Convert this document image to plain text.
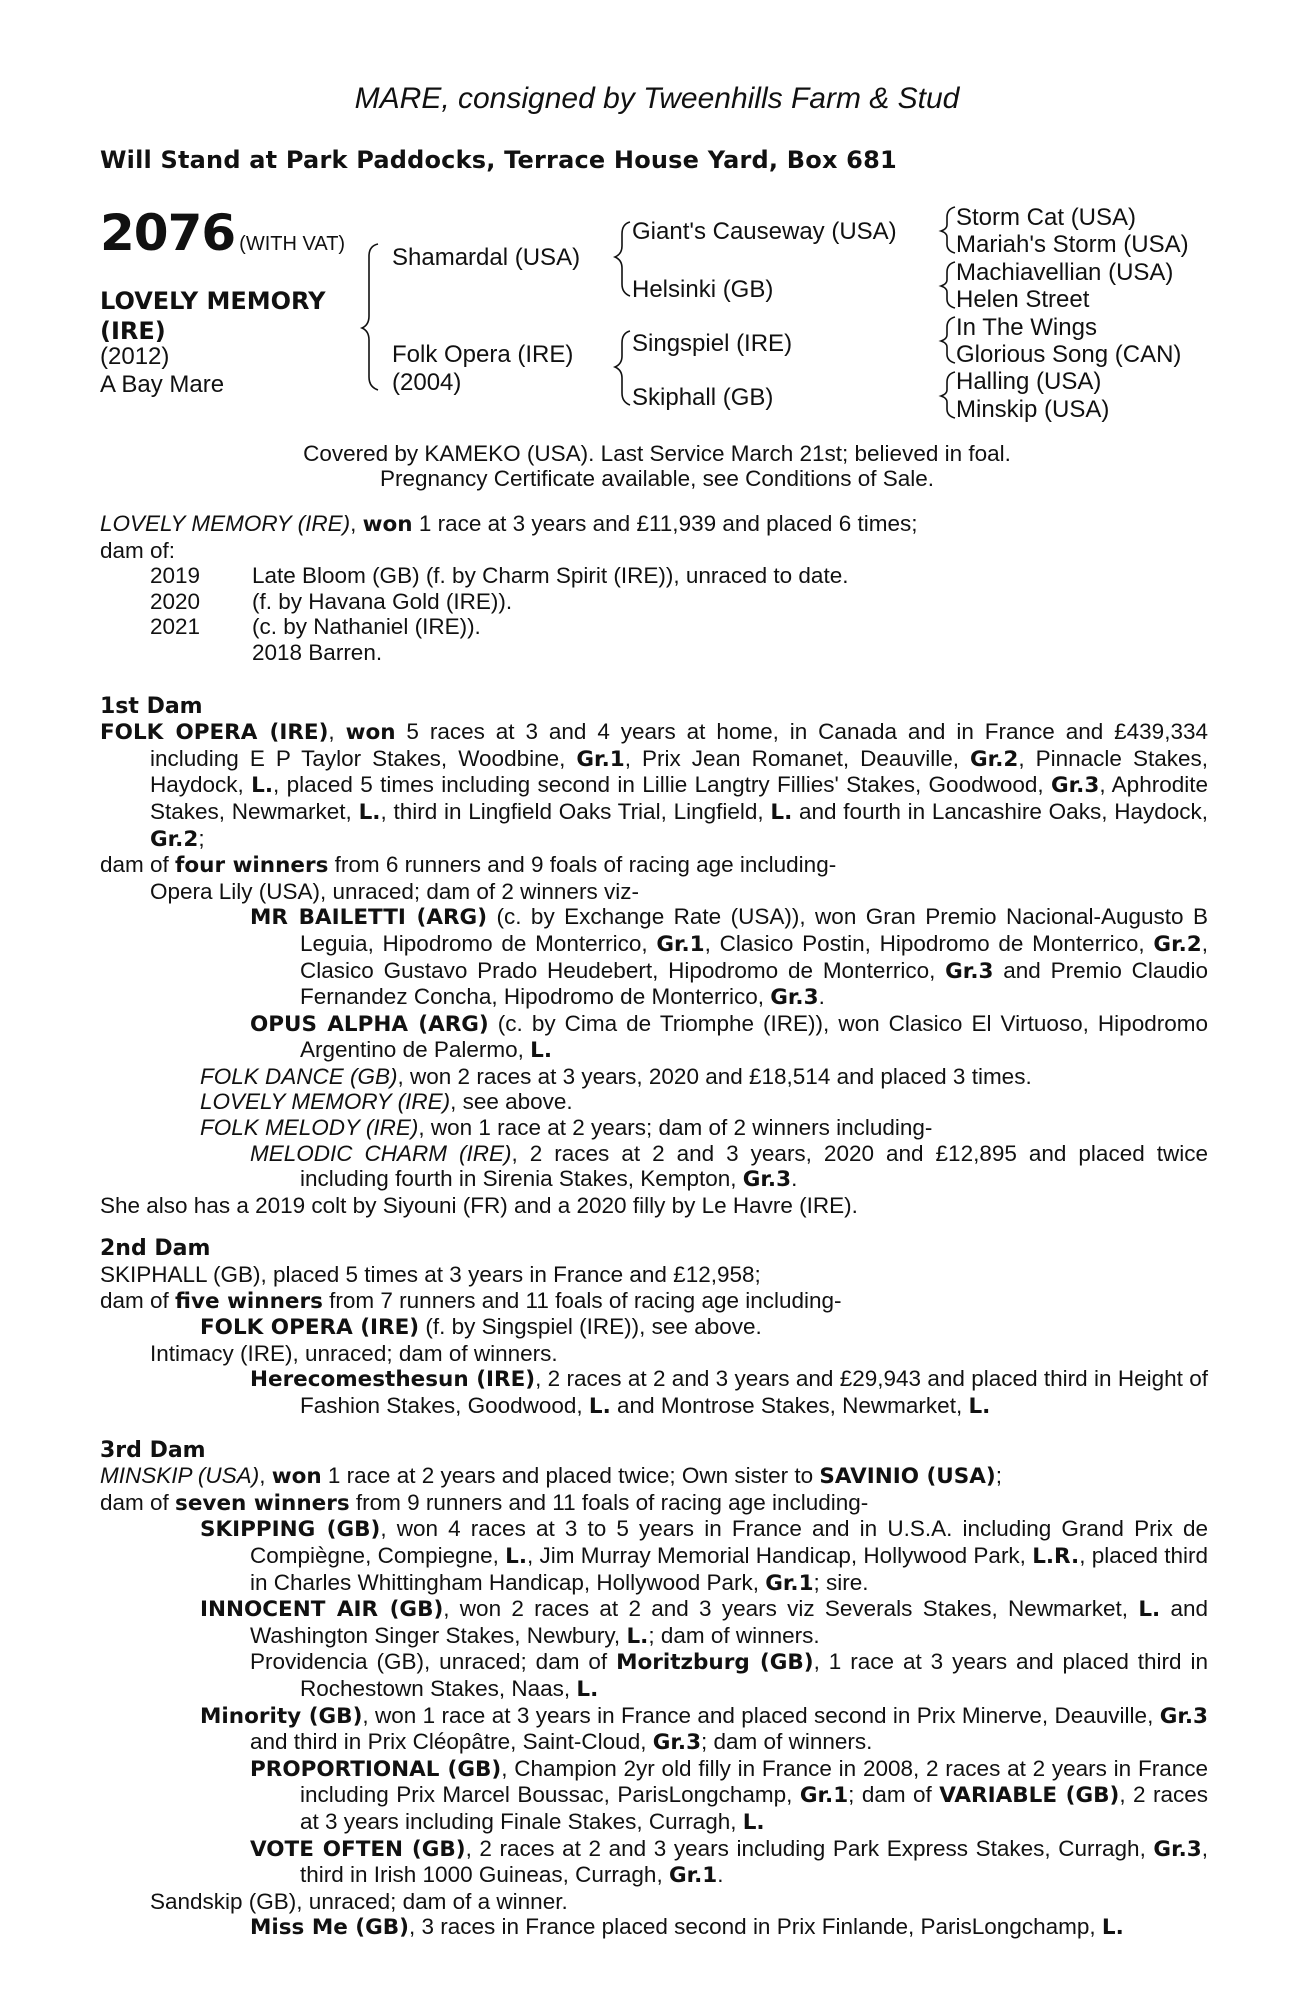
MARE, consigned by Tweenhills Farm & Stud
Will Stand at Park Paddocks, Terrace House Yard, Box 681
2076 (WITH VAT)
LOVELY MEMORY
(IRE)
(2012)
A Bay Mare
Shamardal (USA)
Folk Opera (IRE)
(2004)
Giant's Causeway (USA)
Helsinki (GB)
Singspiel (IRE)
Skiphall (GB)
Storm Cat (USA)
Mariah's Storm (USA)
Machiavellian (USA)
Helen Street
In The Wings
Glorious Song (CAN)
Halling (USA)
Minskip (USA)
Covered by KAMEKO (USA). Last Service March 21st; believed in foal.
Pregnancy Certificate available, see Conditions of Sale.
LOVELY MEMORY (IRE), won 1 race at 3 years and £11,939 and placed 6 times;
dam of:
2019 Late Bloom (GB) (f. by Charm Spirit (IRE)), unraced to date.
2020 (f. by Havana Gold (IRE)).
2021 (c. by Nathaniel (IRE)).
2018 Barren.
1st Dam
FOLK OPERA (IRE), won 5 races at 3 and 4 years at home, in Canada and in France and £439,334 including E P Taylor Stakes, Woodbine, Gr.1, Prix Jean Romanet, Deauville, Gr.2, Pinnacle Stakes, Haydock, L., placed 5 times including second in Lillie Langtry Fillies' Stakes, Goodwood, Gr.3, Aphrodite Stakes, Newmarket, L., third in Lingfield Oaks Trial, Lingfield, L. and fourth in Lancashire Oaks, Haydock, Gr.2;
dam of four winners from 6 runners and 9 foals of racing age including-
Opera Lily (USA), unraced; dam of 2 winners viz-
MR BAILETTI (ARG) (c. by Exchange Rate (USA)), won Gran Premio Nacional-Augusto B Leguia, Hipodromo de Monterrico, Gr.1, Clasico Postin, Hipodromo de Monterrico, Gr.2, Clasico Gustavo Prado Heudebert, Hipodromo de Monterrico, Gr.3 and Premio Claudio Fernandez Concha, Hipodromo de Monterrico, Gr.3.
OPUS ALPHA (ARG) (c. by Cima de Triomphe (IRE)), won Clasico El Virtuoso, Hipodromo Argentino de Palermo, L.
FOLK DANCE (GB), won 2 races at 3 years, 2020 and £18,514 and placed 3 times.
LOVELY MEMORY (IRE), see above.
FOLK MELODY (IRE), won 1 race at 2 years; dam of 2 winners including-
MELODIC CHARM (IRE), 2 races at 2 and 3 years, 2020 and £12,895 and placed twice including fourth in Sirenia Stakes, Kempton, Gr.3.
She also has a 2019 colt by Siyouni (FR) and a 2020 filly by Le Havre (IRE).
2nd Dam
SKIPHALL (GB), placed 5 times at 3 years in France and £12,958;
dam of five winners from 7 runners and 11 foals of racing age including-
FOLK OPERA (IRE) (f. by Singspiel (IRE)), see above.
Intimacy (IRE), unraced; dam of winners.
Herecomesthesun (IRE), 2 races at 2 and 3 years and £29,943 and placed third in Height of Fashion Stakes, Goodwood, L. and Montrose Stakes, Newmarket, L.
3rd Dam
MINSKIP (USA), won 1 race at 2 years and placed twice; Own sister to SAVINIO (USA);
dam of seven winners from 9 runners and 11 foals of racing age including-
SKIPPING (GB), won 4 races at 3 to 5 years in France and in U.S.A. including Grand Prix de Compiègne, Compiegne, L., Jim Murray Memorial Handicap, Hollywood Park, L.R., placed third in Charles Whittingham Handicap, Hollywood Park, Gr.1; sire.
INNOCENT AIR (GB), won 2 races at 2 and 3 years viz Severals Stakes, Newmarket, L. and Washington Singer Stakes, Newbury, L.; dam of winners.
Providencia (GB), unraced; dam of Moritzburg (GB), 1 race at 3 years and placed third in Rochestown Stakes, Naas, L.
Minority (GB), won 1 race at 3 years in France and placed second in Prix Minerve, Deauville, Gr.3 and third in Prix Cléopâtre, Saint-Cloud, Gr.3; dam of winners.
PROPORTIONAL (GB), Champion 2yr old filly in France in 2008, 2 races at 2 years in France including Prix Marcel Boussac, ParisLongchamp, Gr.1; dam of VARIABLE (GB), 2 races at 3 years including Finale Stakes, Curragh, L.
VOTE OFTEN (GB), 2 races at 2 and 3 years including Park Express Stakes, Curragh, Gr.3, third in Irish 1000 Guineas, Curragh, Gr.1.
Sandskip (GB), unraced; dam of a winner.
Miss Me (GB), 3 races in France placed second in Prix Finlande, ParisLongchamp, L.
